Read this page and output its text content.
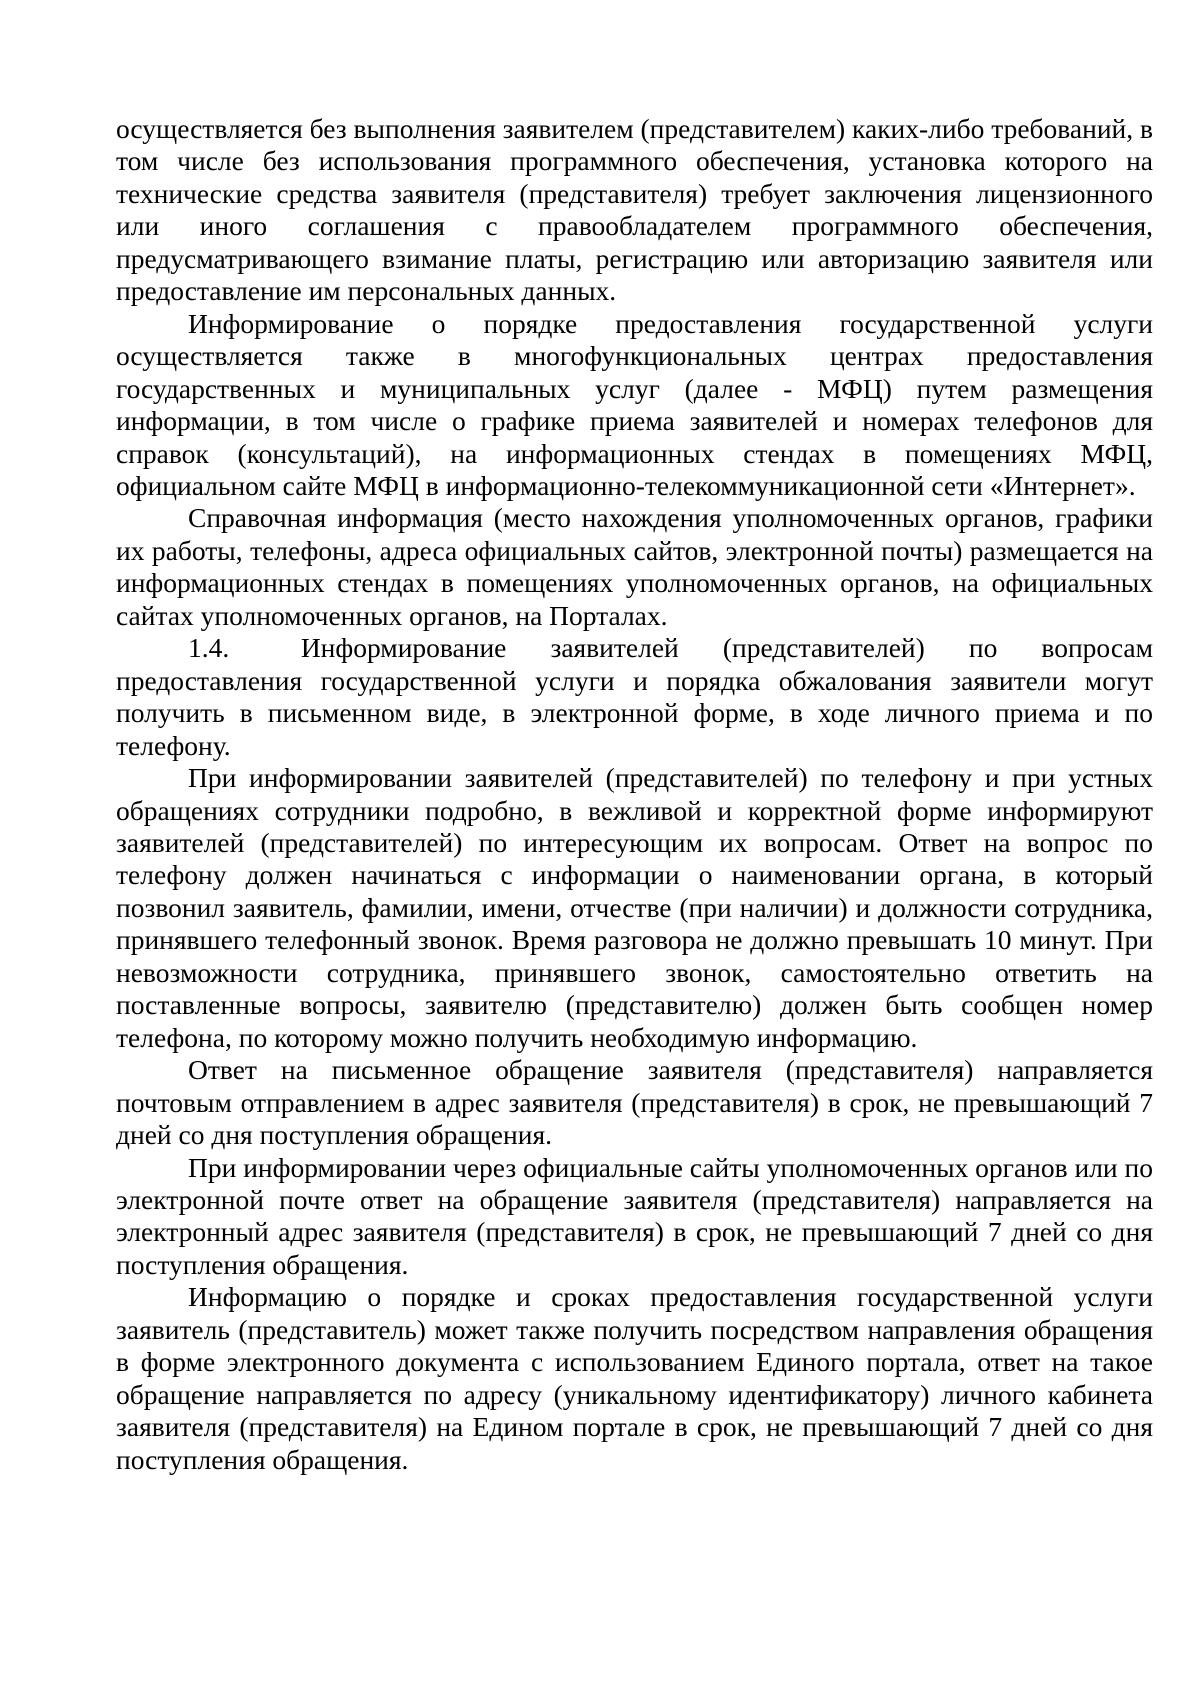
осуществляется без выполнения заявителем (представителем) каких-либо требований, в том числе без использования программного обеспечения, установка которого на технические средства заявителя (представителя) требует заключения лицензионного или иного соглашения с правообладателем программного обеспечения, предусматривающего взимание платы, регистрацию или авторизацию заявителя или предоставление им персональных данных.

Информирование о порядке предоставления государственной услуги осуществляется также в многофункциональных центрах предоставления государственных и муниципальных услуг (далее - МФЦ) путем размещения информации, в том числе о графике приема заявителей и номерах телефонов для справок (консультаций), на информационных стендах в помещениях МФЦ, официальном сайте МФЦ в информационно-телекоммуникационной сети «Интернет».

Справочная информация (место нахождения уполномоченных органов, графики их работы, телефоны, адреса официальных сайтов, электронной почты) размещается на информационных стендах в помещениях уполномоченных органов, на официальных сайтах уполномоченных органов, на Порталах.

1.4.  Информирование заявителей (представителей) по вопросам предоставления государственной услуги и порядка обжалования заявители могут получить в письменном виде, в электронной форме, в ходе личного приема и по телефону.

При информировании заявителей (представителей) по телефону и при устных обращениях сотрудники подробно, в вежливой и корректной форме информируют заявителей (представителей) по интересующим их вопросам. Ответ на вопрос по телефону должен начинаться с информации о наименовании органа, в который позвонил заявитель, фамилии, имени, отчестве (при наличии) и должности сотрудника, принявшего телефонный звонок. Время разговора не должно превышать 10 минут. При невозможности сотрудника, принявшего звонок, самостоятельно ответить на поставленные вопросы, заявителю (представителю) должен быть сообщен номер телефона, по которому можно получить необходимую информацию.

Ответ на письменное обращение заявителя (представителя) направляется почтовым отправлением в адрес заявителя (представителя) в срок, не превышающий 7 дней со дня поступления обращения.

При информировании через официальные сайты уполномоченных органов или по электронной почте ответ на обращение заявителя (представителя) направляется на электронный адрес заявителя (представителя) в срок, не превышающий 7 дней со дня поступления обращения.

Информацию о порядке и сроках предоставления государственной услуги заявитель (представитель) может также получить посредством направления обращения в форме электронного документа с использованием Единого портала, ответ на такое обращение направляется по адресу (уникальному идентификатору) личного кабинета заявителя (представителя) на Едином портале в срок, не превышающий 7 дней со дня поступления обращения.
